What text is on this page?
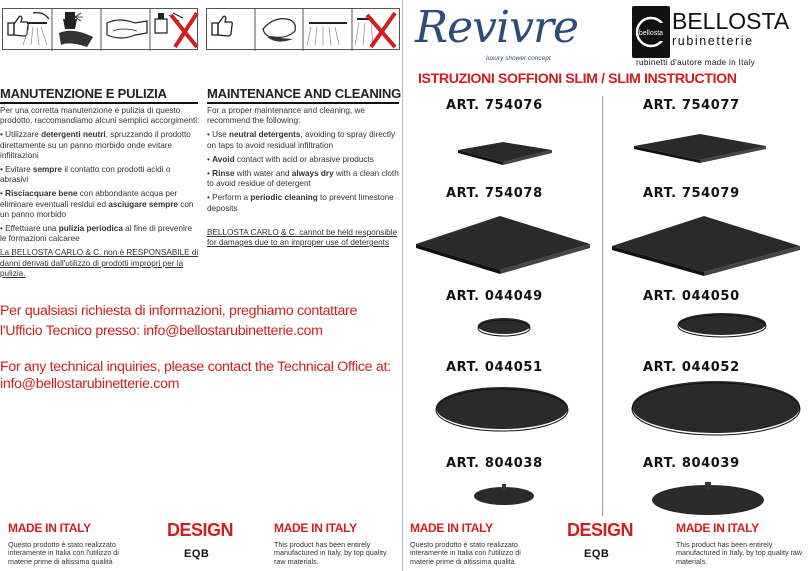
MANUTENZIONE E PULIZIA

Per una corretta manutenzione e pulizia di questo prodotto, raccomandiamo alcuni semplici accorgimenti:

• Utilizzare detergenti neutri, spruzzando il prodotto direttamente su un panno morbido onde evitare infiltrazioni

• Evitare sempre il contatto con prodotti acidi o abrasivi

• Risciacquare bene con abbondante acqua per eliminare eventuali residui ed asciugare sempre con un panno morbido

• Effettuare una pulizia periodica al fine di prevenire le formazioni calcaree

La BELLOSTA CARLO & C. non è RESPONSABILE di danni derivati dall'utilizzo di prodotti impropri per la pulizia.

MAINTENANCE AND CLEANING

For a proper maintenance and cleaning, we recommend the following:

• Use neutral detergents, avoiding to spray directly on taps to avoid residual infiltration

• Avoid contact with acid or abrasive products

• Rinse with water and always dry with a clean cloth to avoid residue of detergent

• Perform a periodic cleaning to prevent limestone deposits

BELLOSTA CARLO & C. cannot be held responsible for damages due to an improper use of detergents

Per qualsiasi richiesta di informazioni, preghiamo contattare
l'Ufficio Tecnico presso: info@bellostarubinetterie.com
For any technical inquiries, please contact the Technical Office at:
info@bellostarubinetterie.com
MADE IN ITALY
Questo prodotto è stato realizzato interamente in Italia con l'utilizzo di materie prime di altissima qualità
DESIGN
EQB
MADE IN ITALY
This product has been entirely manufactured in Italy, by top quality raw materials.
Revivre
luxury shower concept
bellosta BELLOSTA
rubinetterie
rubinetti d'autore made in Italy
ISTRUZIONI SOFFIONI SLIM / SLIM INSTRUCTION
ART. 754076	ART. 754077
ART. 754078	ART. 754079
ART. 044049	ART. 044050
ART. 044051	ART. 044052
ART. 804038	ART. 804039
MADE IN ITALY
Questo prodotto è stato realizzato interamente in Italia con l'utilizzo di materie prime di altissima qualità
DESIGN
EQB
MADE IN ITALY
This product has been entirely manufactured in Italy, by top quality raw materials.
